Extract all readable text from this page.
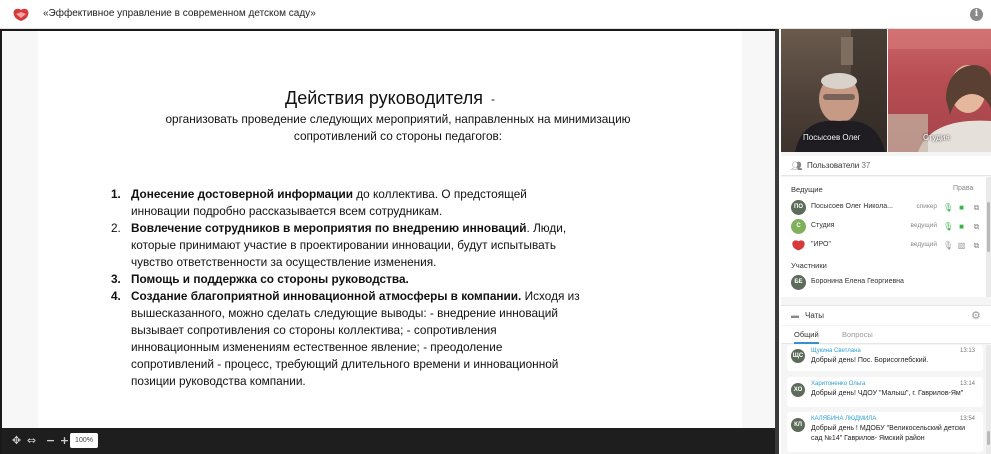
«Эффективное управление в современном детском саду»	i
Действия руководителя -
организовать проведение следующих мероприятий, направленных на минимизацию
сопротивлений со стороны педагогов:
1. Донесение достоверной информации до коллектива. О предстоящей инновации подробно рассказывается всем сотрудникам.
2. Вовлечение сотрудников в мероприятия по внедрению инноваций. Люди, которые принимают участие в проектировании инновации, будут испытывать чувство ответственности за осуществление изменения.
3. Помощь и поддержка со стороны руководства.
4. Создание благоприятной инновационной атмосферы в компании. Исходя из вышесказанного, можно сделать следующие выводы: - внедрение инноваций вызывает сопротивления со стороны коллектива; - сопротивления инновационным изменениям естественное явление; - преодоление сопротивлений - процесс, требующий длительного времени и инновационной позиции руководства компании.
✥ ⇔ − + 100%
Посысоев Олег	Студия
👥︎ Пользователи 37
Ведущие	Права
ПО	Посысоев Олег Никола...	спикер 🎙︎ ■ ⧉
С	Студия	ведущий 🎙︎ ■ ⧉
"ИРО"	ведущий 🎙︎ ▧ ⧉
Участники
БЕ	Боронина Елена Георгиевна
▬ Чаты	⚙
Общий	Вопросы
ЩС
Щукина Светлана	13:13
Добрый день! Пос. Борисоглебский.
ХО
Харитоненко Ольга	13:14
Добрый день! ЧДОУ "Малыш", г. Гаврилов-Ям"
КЛ
КАЛЯБИНА ЛЮДМИЛА	13:54
Добрый день ! МДОБУ "Великосельский детски сад №14" Гаврилов- Ямский район
